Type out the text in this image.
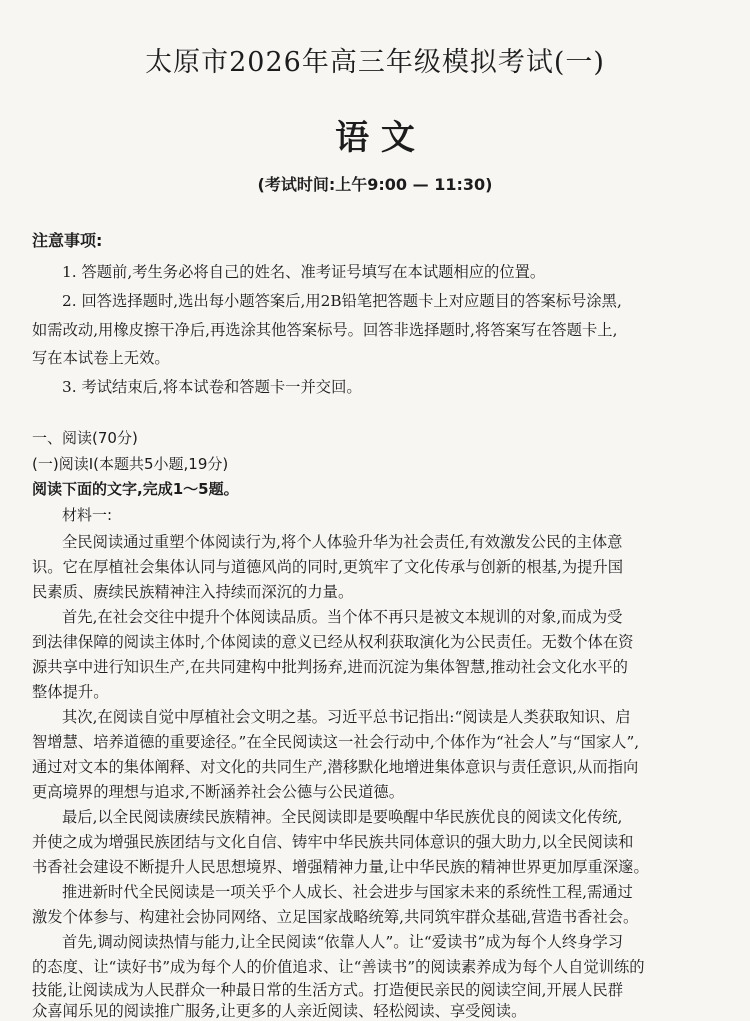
太原市2026年高三年级模拟考试(一)
语 文
(考试时间:上午9:00 — 11:30)
注意事项:
1. 答题前,考生务必将自己的姓名、准考证号填写在本试题相应的位置。
2. 回答选择题时,选出每小题答案后,用2B铅笔把答题卡上对应题目的答案标号涂黑,
如需改动,用橡皮擦干净后,再选涂其他答案标号。回答非选择题时,将答案写在答题卡上,
写在本试卷上无效。
3. 考试结束后,将本试卷和答题卡一并交回。
一、阅读(70分)
(一)阅读Ⅰ(本题共5小题,19分)
阅读下面的文字,完成1～5题。
材料一:
全民阅读通过重塑个体阅读行为,将个人体验升华为社会责任,有效激发公民的主体意
识。它在厚植社会集体认同与道德风尚的同时,更筑牢了文化传承与创新的根基,为提升国
民素质、赓续民族精神注入持续而深沉的力量。
首先,在社会交往中提升个体阅读品质。当个体不再只是被文本规训的对象,而成为受
到法律保障的阅读主体时,个体阅读的意义已经从权利获取演化为公民责任。无数个体在资
源共享中进行知识生产,在共同建构中批判扬弃,进而沉淀为集体智慧,推动社会文化水平的
整体提升。
其次,在阅读自觉中厚植社会文明之基。习近平总书记指出:“阅读是人类获取知识、启
智增慧、培养道德的重要途径。”在全民阅读这一社会行动中,个体作为“社会人”与“国家人”,
通过对文本的集体阐释、对文化的共同生产,潜移默化地增进集体意识与责任意识,从而指向
更高境界的理想与追求,不断涵养社会公德与公民道德。
最后,以全民阅读赓续民族精神。全民阅读即是要唤醒中华民族优良的阅读文化传统,
并使之成为增强民族团结与文化自信、铸牢中华民族共同体意识的强大助力,以全民阅读和
书香社会建设不断提升人民思想境界、增强精神力量,让中华民族的精神世界更加厚重深邃。
推进新时代全民阅读是一项关乎个人成长、社会进步与国家未来的系统性工程,需通过
激发个体参与、构建社会协同网络、立足国家战略统筹,共同筑牢群众基础,营造书香社会。
首先,调动阅读热情与能力,让全民阅读“依靠人人”。让“爱读书”成为每个人终身学习
的态度、让“读好书”成为每个人的价值追求、让“善读书”的阅读素养成为每个人自觉训练的
技能,让阅读成为人民群众一种最日常的生活方式。打造便民亲民的阅读空间,开展人民群
众喜闻乐见的阅读推广服务,让更多的人亲近阅读、轻松阅读、享受阅读。
